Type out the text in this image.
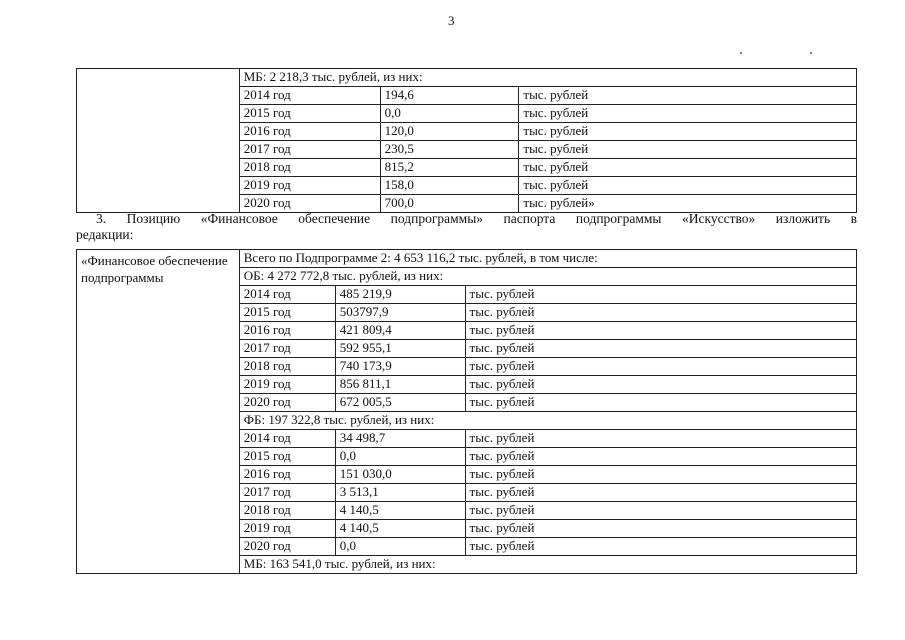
3
	МБ: 2 218,3 тыс. рублей, из них:		
	2014 год	194,6	тыс. рублей
	2015 год	0,0	тыс. рублей
	2016 год	120,0	тыс. рублей
	2017 год	230,5	тыс. рублей
	2018 год	815,2	тыс. рублей
	2019 год	158,0	тыс. рублей
	2020 год	700,0	тыс. рублей»
3. Позицию «Финансовое обеспечение подпрограммы» паспорта подпрограммы «Искусство» изложить в
редакции:
«Финансовое обеспечение подпрограммы	Всего по Подпрограмме 2: 4 653 116,2 тыс. рублей, в том числе:		
	ОБ: 4 272 772,8 тыс. рублей, из них:		
	2014 год	485 219,9	тыс. рублей
	2015 год	503797,9	тыс. рублей
	2016 год	421 809,4	тыс. рублей
	2017 год	592 955,1	тыс. рублей
	2018 год	740 173,9	тыс. рублей
	2019 год	856 811,1	тыс. рублей
	2020 год	672 005,5	тыс. рублей
	ФБ: 197 322,8 тыс. рублей, из них:		
	2014 год	34 498,7	тыс. рублей
	2015 год	0,0	тыс. рублей
	2016 год	151 030,0	тыс. рублей
	2017 год	3 513,1	тыс. рублей
	2018 год	4 140,5	тыс. рублей
	2019 год	4 140,5	тыс. рублей
	2020 год	0,0	тыс. рублей
	МБ: 163 541,0 тыс. рублей, из них:		
